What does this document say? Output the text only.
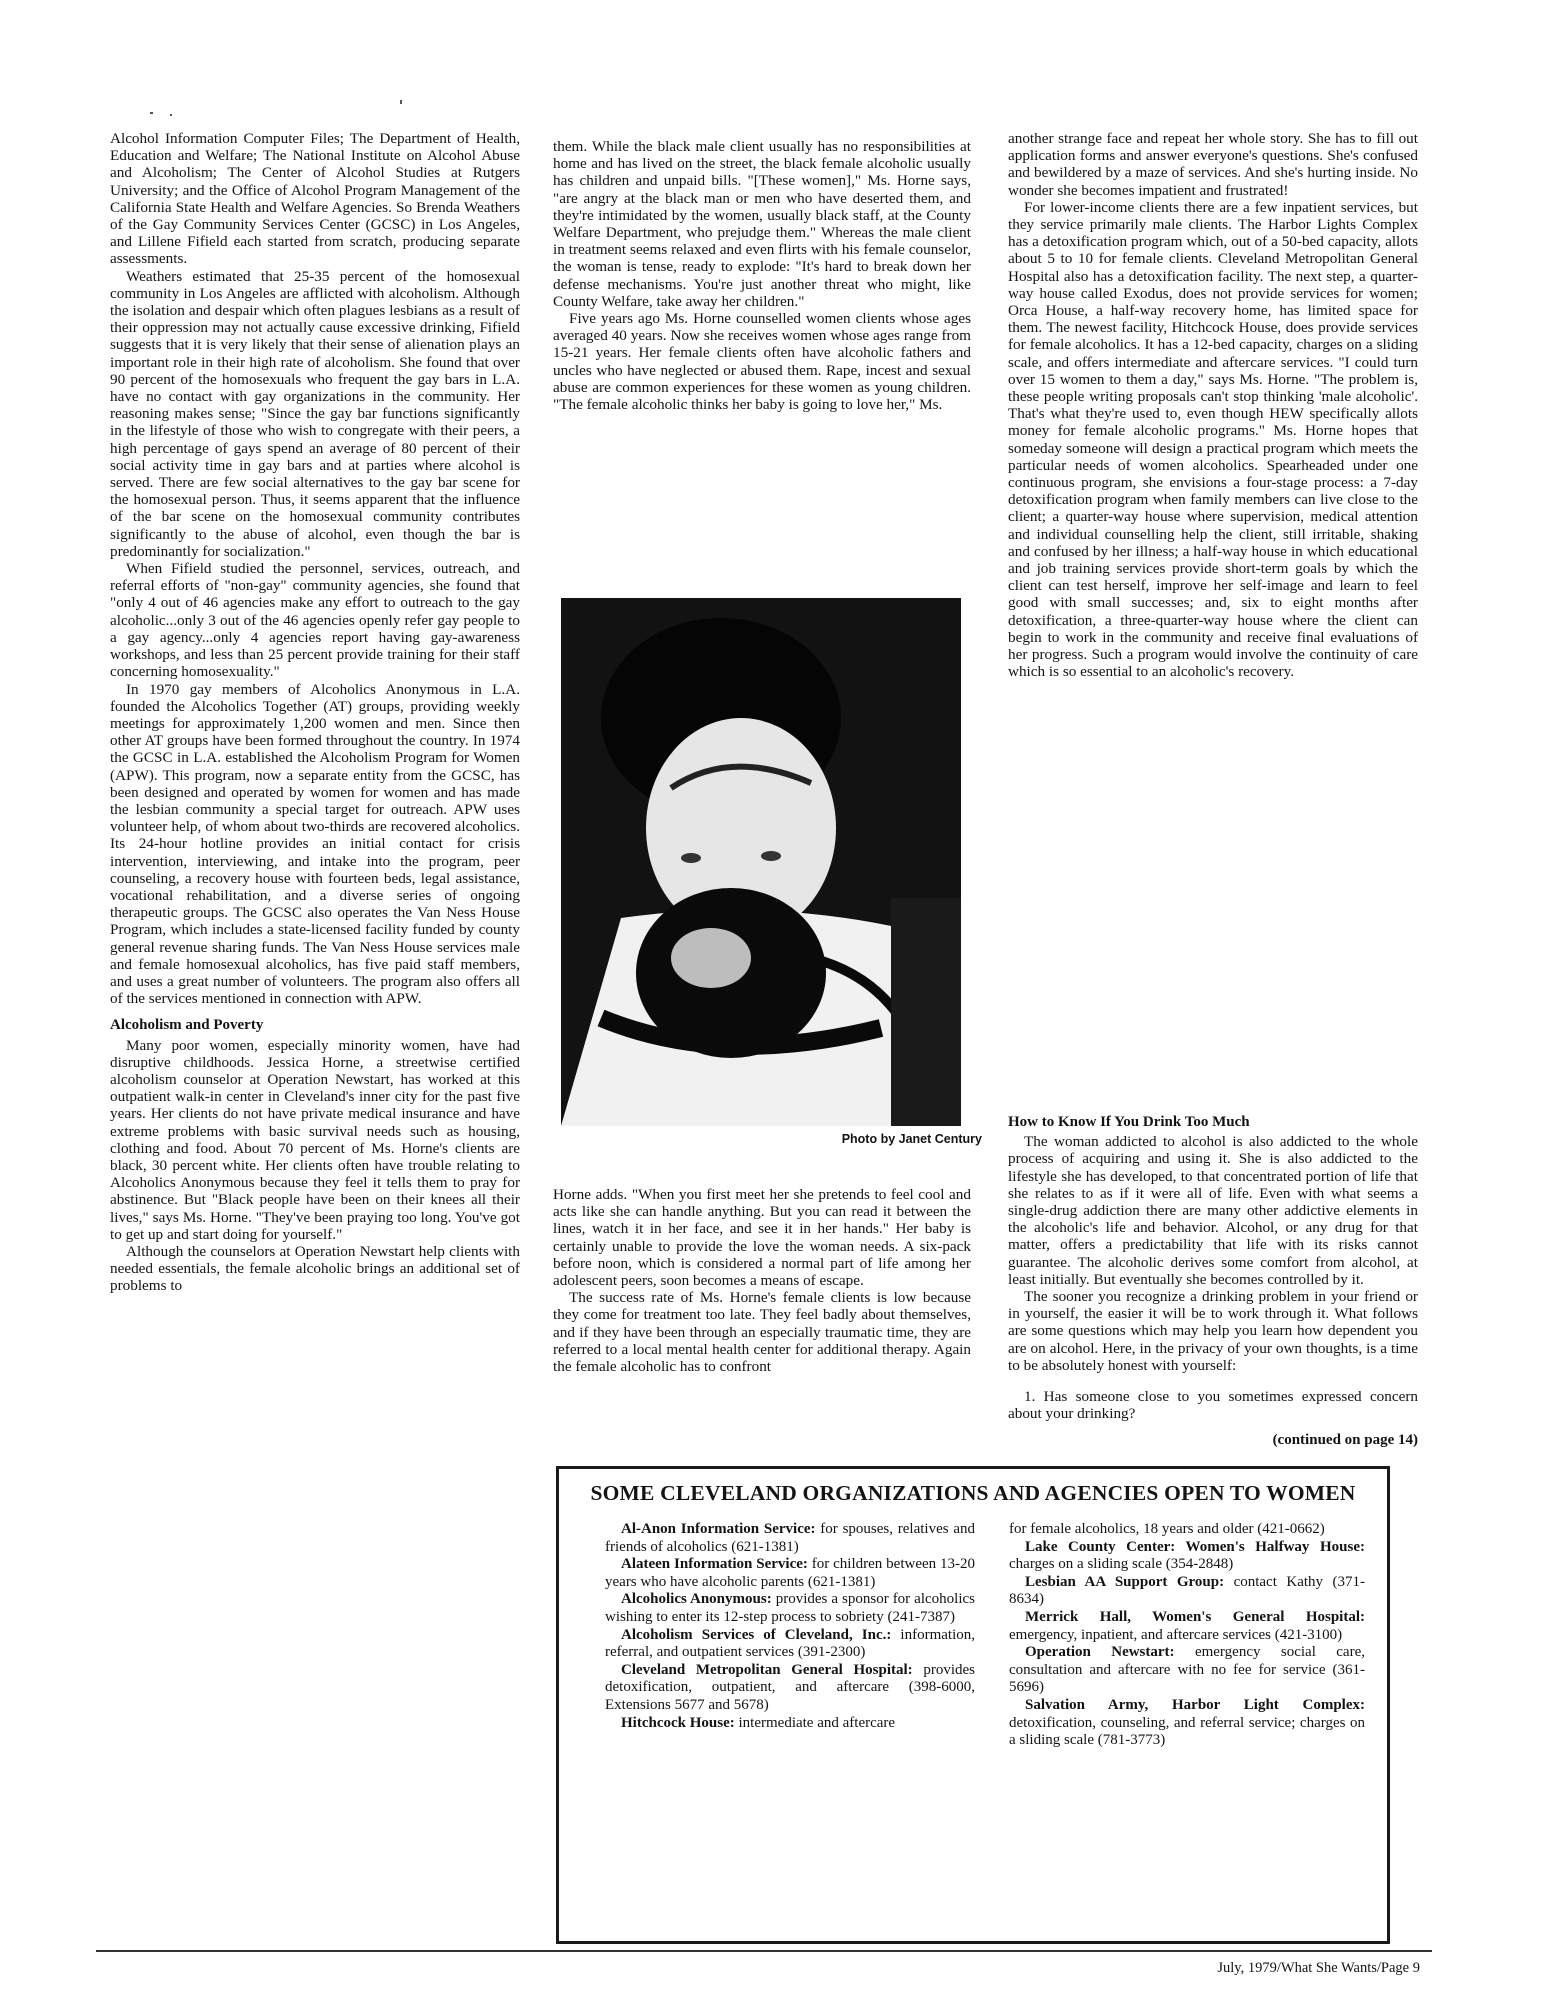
Alcohol Information Computer Files; The Department of Health, Education and Welfare; The National Institute on Alcohol Abuse and Alcoholism; The Center of Alcohol Studies at Rutgers University; and the Office of Alcohol Program Management of the California State Health and Welfare Agencies. So Brenda Weathers of the Gay Community Services Center (GCSC) in Los Angeles, and Lillene Fifield each started from scratch, producing separate assessments.

Weathers estimated that 25-35 percent of the homosexual community in Los Angeles are afflicted with alcoholism. Although the isolation and despair which often plagues lesbians as a result of their oppression may not actually cause excessive drinking, Fifield suggests that it is very likely that their sense of alienation plays an important role in their high rate of alcoholism. She found that over 90 percent of the homosexuals who frequent the gay bars in L.A. have no contact with gay organizations in the community. Her reasoning makes sense; "Since the gay bar functions significantly in the lifestyle of those who wish to congregate with their peers, a high percentage of gays spend an average of 80 percent of their social activity time in gay bars and at parties where alcohol is served. There are few social alternatives to the gay bar scene for the homosexual person. Thus, it seems apparent that the influence of the bar scene on the homosexual community contributes significantly to the abuse of alcohol, even though the bar is predominantly for socialization."

When Fifield studied the personnel, services, outreach, and referral efforts of "non-gay" community agencies, she found that "only 4 out of 46 agencies make any effort to outreach to the gay alcoholic...only 3 out of the 46 agencies openly refer gay people to a gay agency...only 4 agencies report having gay-awareness workshops, and less than 25 percent provide training for their staff concerning homosexuality."

In 1970 gay members of Alcoholics Anonymous in L.A. founded the Alcoholics Together (AT) groups, providing weekly meetings for approximately 1,200 women and men. Since then other AT groups have been formed throughout the country. In 1974 the GCSC in L.A. established the Alcoholism Program for Women (APW). This program, now a separate entity from the GCSC, has been designed and operated by women for women and has made the lesbian community a special target for outreach. APW uses volunteer help, of whom about two-thirds are recovered alcoholics. Its 24-hour hotline provides an initial contact for crisis intervention, interviewing, and intake into the program, peer counseling, a recovery house with fourteen beds, legal assistance, vocational rehabilitation, and a diverse series of ongoing therapeutic groups. The GCSC also operates the Van Ness House Program, which includes a state-licensed facility funded by county general revenue sharing funds. The Van Ness House services male and female homosexual alcoholics, has five paid staff members, and uses a great number of volunteers. The program also offers all of the services mentioned in connection with APW.

Alcoholism and Poverty

Many poor women, especially minority women, have had disruptive childhoods. Jessica Horne, a streetwise certified alcoholism counselor at Operation Newstart, has worked at this outpatient walk-in center in Cleveland's inner city for the past five years. Her clients do not have private medical insurance and have extreme problems with basic survival needs such as housing, clothing and food. About 70 percent of Ms. Horne's clients are black, 30 percent white. Her clients often have trouble relating to Alcoholics Anonymous because they feel it tells them to pray for abstinence. But "Black people have been on their knees all their lives," says Ms. Horne. "They've been praying too long. You've got to get up and start doing for yourself."

Although the counselors at Operation Newstart help clients with needed essentials, the female alcoholic brings an additional set of problems to

them. While the black male client usually has no responsibilities at home and has lived on the street, the black female alcoholic usually has children and unpaid bills. "[These women]," Ms. Horne says, "are angry at the black man or men who have deserted them, and they're intimidated by the women, usually black staff, at the County Welfare Department, who prejudge them." Whereas the male client in treatment seems relaxed and even flirts with his female counselor, the woman is tense, ready to explode: "It's hard to break down her defense mechanisms. You're just another threat who might, like County Welfare, take away her children."

Five years ago Ms. Horne counselled women clients whose ages averaged 40 years. Now she receives women whose ages range from 15-21 years. Her female clients often have alcoholic fathers and uncles who have neglected or abused them. Rape, incest and sexual abuse are common experiences for these women as young children. "The female alcoholic thinks her baby is going to love her," Ms.

Photo by Janet Century

Horne adds. "When you first meet her she pretends to feel cool and acts like she can handle anything. But you can read it between the lines, watch it in her face, and see it in her hands." Her baby is certainly unable to provide the love the woman needs. A six-pack before noon, which is considered a normal part of life among her adolescent peers, soon becomes a means of escape.

The success rate of Ms. Horne's female clients is low because they come for treatment too late. They feel badly about themselves, and if they have been through an especially traumatic time, they are referred to a local mental health center for additional therapy. Again the female alcoholic has to confront

another strange face and repeat her whole story. She has to fill out application forms and answer everyone's questions. She's confused and bewildered by a maze of services. And she's hurting inside. No wonder she becomes impatient and frustrated!

For lower-income clients there are a few inpatient services, but they service primarily male clients. The Harbor Lights Complex has a detoxification program which, out of a 50-bed capacity, allots about 5 to 10 for female clients. Cleveland Metropolitan General Hospital also has a detoxification facility. The next step, a quarter-way house called Exodus, does not provide services for women; Orca House, a half-way recovery home, has limited space for them. The newest facility, Hitchcock House, does provide services for female alcoholics. It has a 12-bed capacity, charges on a sliding scale, and offers intermediate and aftercare services. "I could turn over 15 women to them a day," says Ms. Horne. "The problem is, these people writing proposals can't stop thinking 'male alcoholic'. That's what they're used to, even though HEW specifically allots money for female alcoholic programs." Ms. Horne hopes that someday someone will design a practical program which meets the particular needs of women alcoholics. Spearheaded under one continuous program, she envisions a four-stage process: a 7-day detoxification program when family members can live close to the client; a quarter-way house where supervision, medical attention and individual counselling help the client, still irritable, shaking and confused by her illness; a half-way house in which educational and job training services provide short-term goals by which the client can test herself, improve her self-image and learn to feel good with small successes; and, six to eight months after detoxification, a three-quarter-way house where the client can begin to work in the community and receive final evaluations of her progress. Such a program would involve the continuity of care which is so essential to an alcoholic's recovery.

How to Know If You Drink Too Much

The woman addicted to alcohol is also addicted to the whole process of acquiring and using it. She is also addicted to the lifestyle she has developed, to that concentrated portion of life that she relates to as if it were all of life. Even with what seems a single-drug addiction there are many other addictive elements in the alcoholic's life and behavior. Alcohol, or any drug for that matter, offers a predictability that life with its risks cannot guarantee. The alcoholic derives some comfort from alcohol, at least initially. But eventually she becomes controlled by it.

The sooner you recognize a drinking problem in your friend or in yourself, the easier it will be to work through it. What follows are some questions which may help you learn how dependent you are on alcohol. Here, in the privacy of your own thoughts, is a time to be absolutely honest with yourself:

1. Has someone close to you sometimes expressed concern about your drinking?

(continued on page 14)
SOME CLEVELAND ORGANIZATIONS AND AGENCIES OPEN TO WOMEN

Al-Anon Information Service: for spouses, relatives and friends of alcoholics (621-1381)

Alateen Information Service: for children between 13-20 years who have alcoholic parents (621-1381)

Alcoholics Anonymous: provides a sponsor for alcoholics wishing to enter its 12-step process to sobriety (241-7387)

Alcoholism Services of Cleveland, Inc.: information, referral, and outpatient services (391-2300)

Cleveland Metropolitan General Hospital: provides detoxification, outpatient, and aftercare (398-6000, Extensions 5677 and 5678)

Hitchcock House: intermediate and aftercare

for female alcoholics, 18 years and older (421-0662)

Lake County Center: Women's Halfway House: charges on a sliding scale (354-2848)

Lesbian AA Support Group: contact Kathy (371-8634)

Merrick Hall, Women's General Hospital: emergency, inpatient, and aftercare services (421-3100)

Operation Newstart: emergency social care, consultation and aftercare with no fee for service (361-5696)

Salvation Army, Harbor Light Complex: detoxification, counseling, and referral service; charges on a sliding scale (781-3773)

July, 1979/What She Wants/Page 9
